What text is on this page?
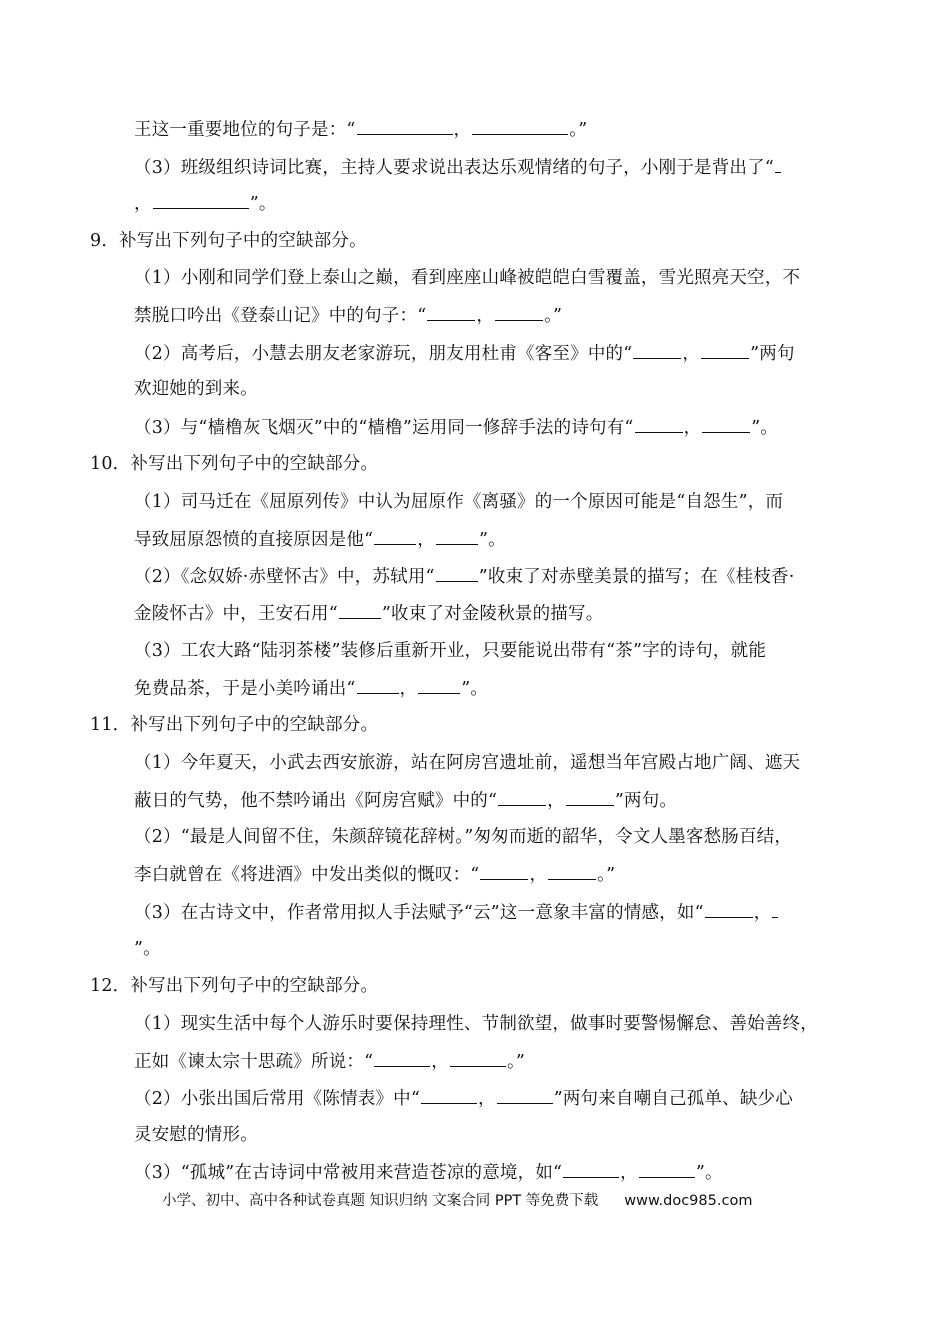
王这一重要地位的句子是：“	，	。”
（3）班级组织诗词比赛，主持人要求说出表达乐观情绪的句子，小刚于是背出了“
，	”。
9．补写出下列句子中的空缺部分。
（1）小刚和同学们登上泰山之巅，看到座座山峰被皑皑白雪覆盖，雪光照亮天空，不
禁脱口吟出《登泰山记》中的句子：“	，	。”
（2）高考后，小慧去朋友老家游玩，朋友用杜甫《客至》中的“	，	”两句
欢迎她的到来。
（3）与“樯橹灰飞烟灭”中的“樯橹”运用同一修辞手法的诗句有“	，	”。
10．补写出下列句子中的空缺部分。
（1）司马迁在《屈原列传》中认为屈原作《离骚》的一个原因可能是“自怨生”，而
导致屈原怨愤的直接原因是他“	，	”。
（2）《念奴娇·赤壁怀古》中，苏轼用“	”收束了对赤壁美景的描写；在《桂枝香·
金陵怀古》中，王安石用“	”收束了对金陵秋景的描写。
（3）工农大路“陆羽茶楼”装修后重新开业，只要能说出带有“茶”字的诗句，就能
免费品茶，于是小美吟诵出“	，	”。
11．补写出下列句子中的空缺部分。
（1）今年夏天，小武去西安旅游，站在阿房宫遗址前，遥想当年宫殿占地广阔、遮天
蔽日的气势，他不禁吟诵出《阿房宫赋》中的“	，	”两句。
（2）“最是人间留不住，朱颜辞镜花辞树。”匆匆而逝的韶华，令文人墨客愁肠百结，
李白就曾在《将进酒》中发出类似的慨叹：“	，	。”
（3）在古诗文中，作者常用拟人手法赋予“云”这一意象丰富的情感，如“	，
”。
12．补写出下列句子中的空缺部分。
（1）现实生活中每个人游乐时要保持理性、节制欲望，做事时要警惕懈怠、善始善终，
正如《谏太宗十思疏》所说：“	，	。”
（2）小张出国后常用《陈情表》中“	，	”两句来自嘲自己孤单、缺少心
灵安慰的情形。
（3）“孤城”在古诗词中常被用来营造苍凉的意境，如“	，	”。
小学、初中、高中各种试卷真题 知识归纳 文案合同 PPT 等免费下载 www.doc985.com
